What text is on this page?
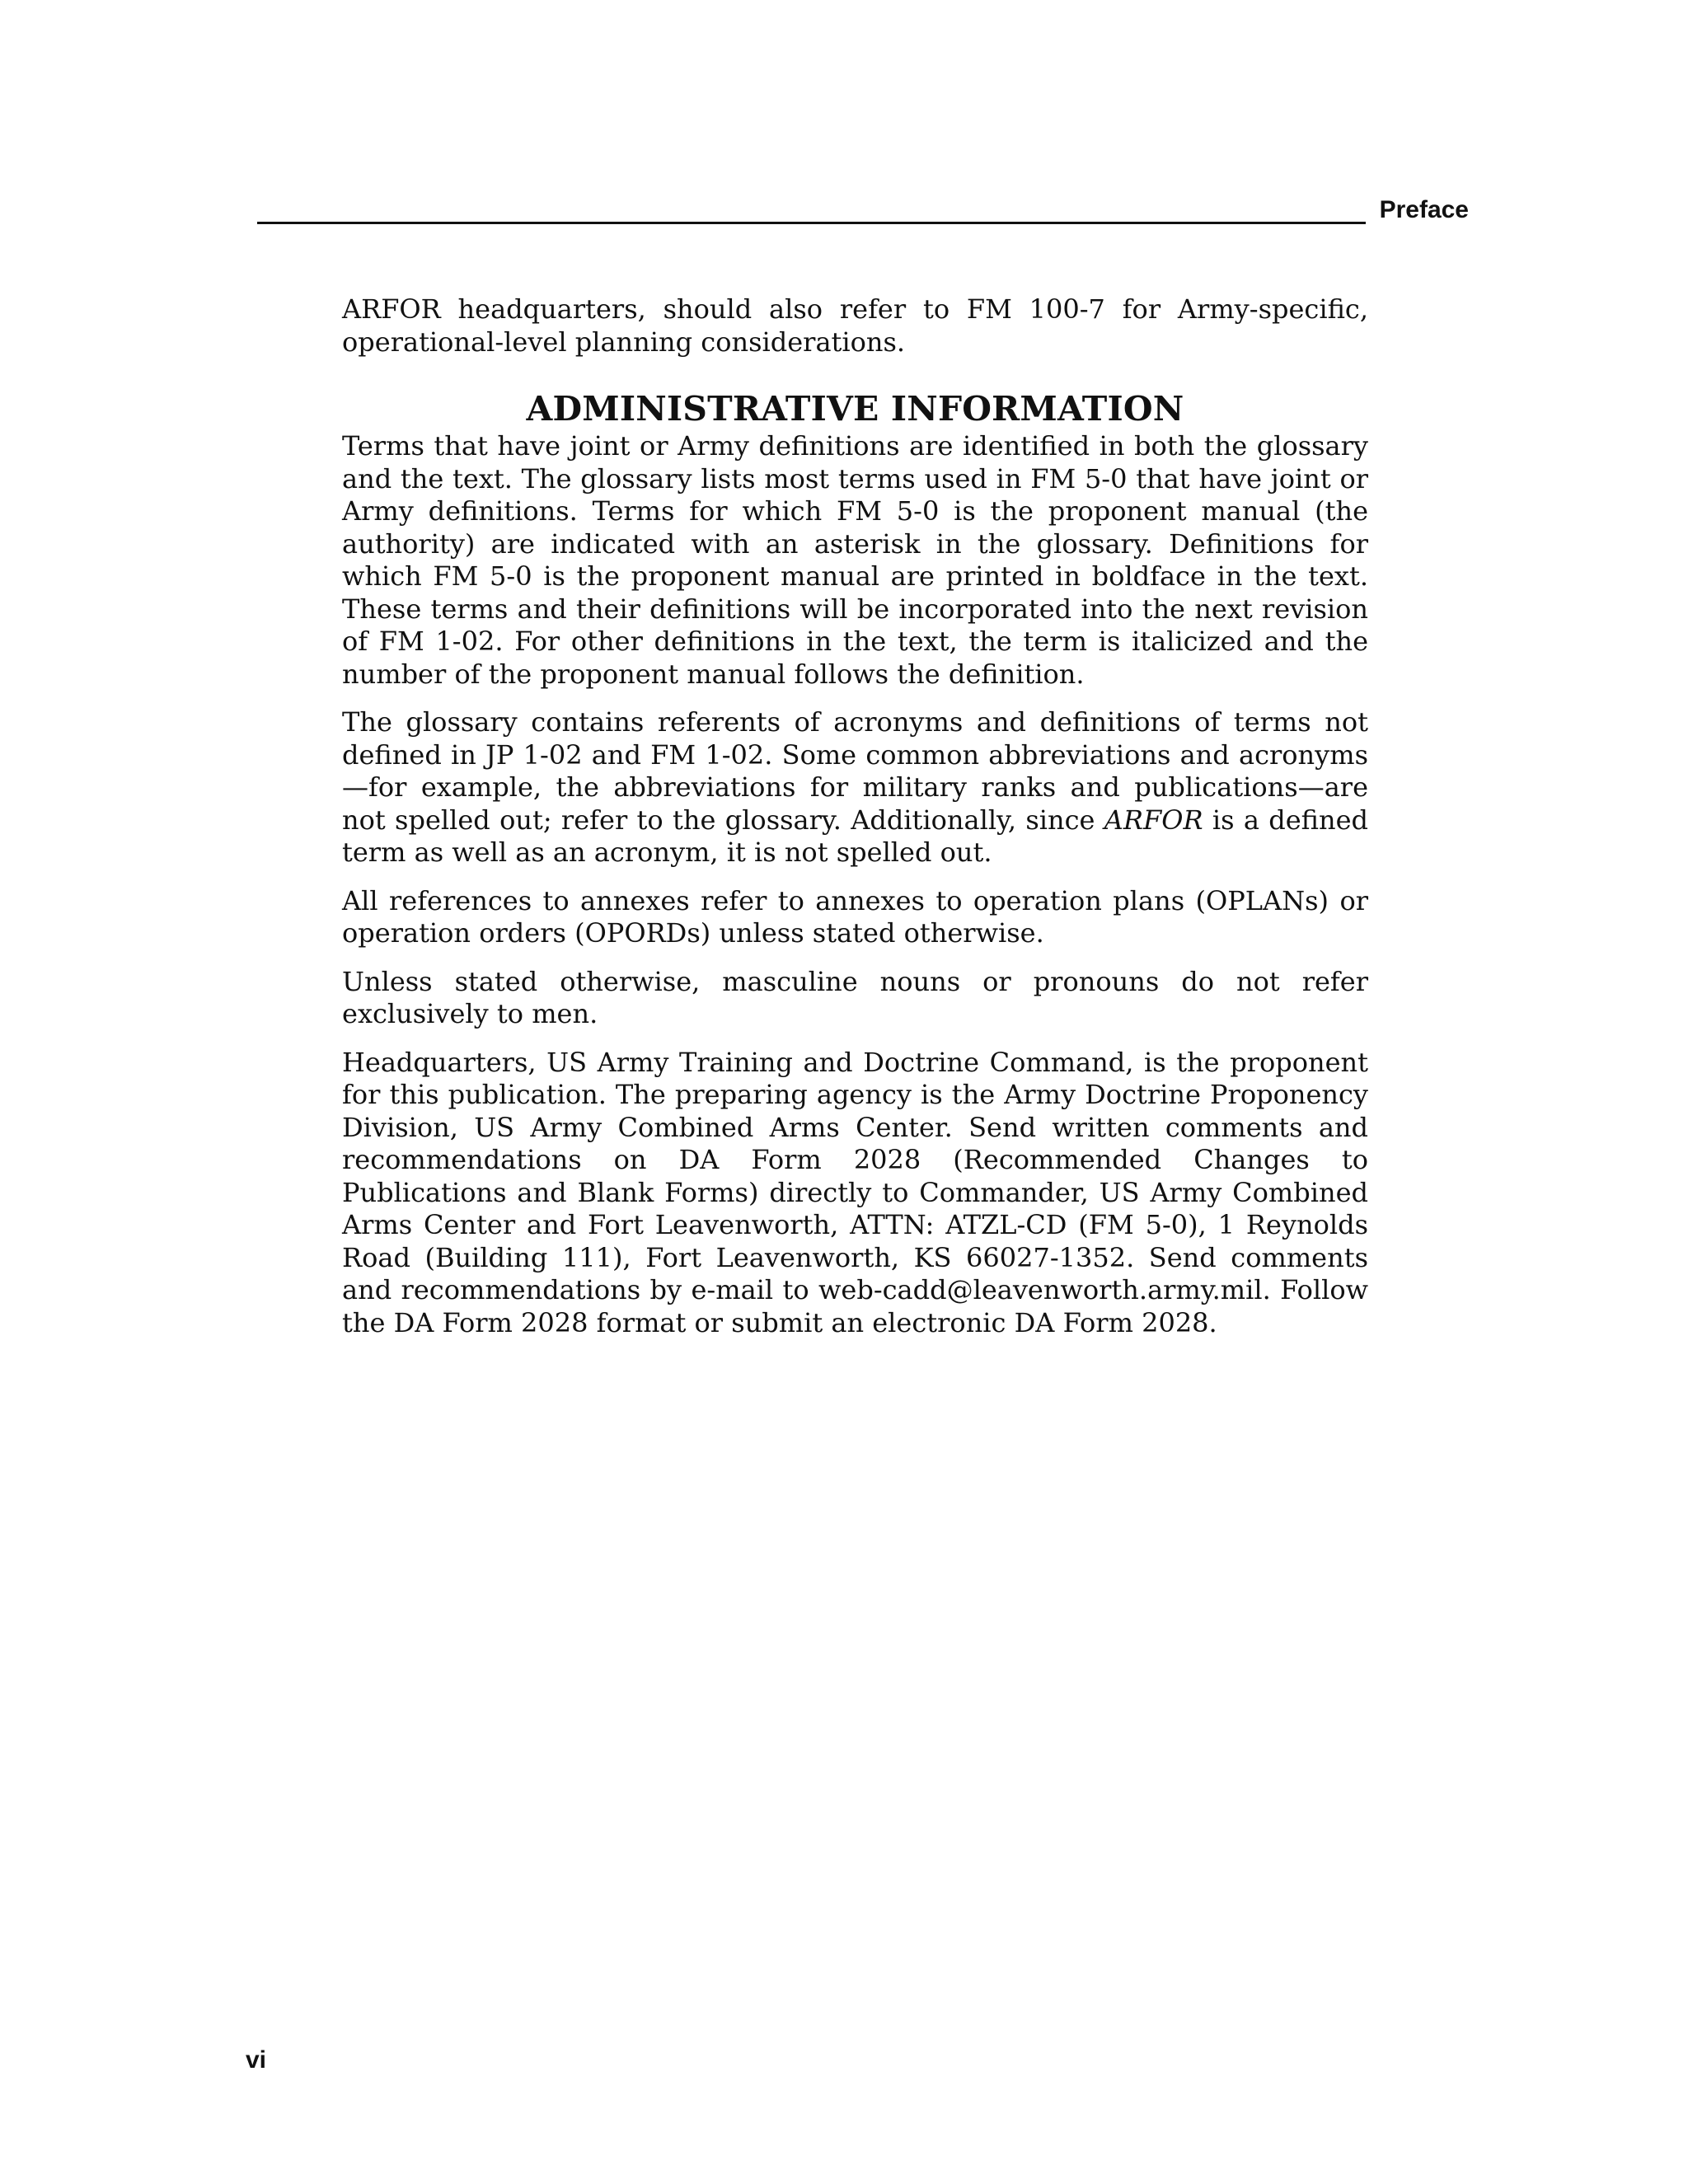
Preface

ARFOR headquarters, should also refer to FM 100-7 for Army-specific, operational-level planning considerations.

ADMINISTRATIVE INFORMATION

Terms that have joint or Army definitions are identified in both the glossary and the text. The glossary lists most terms used in FM 5-0 that have joint or Army definitions. Terms for which FM 5-0 is the proponent manual (the authority) are indicated with an asterisk in the glossary. Definitions for which FM 5-0 is the proponent manual are printed in boldface in the text. These terms and their definitions will be incorporated into the next revision of FM 1-02. For other definitions in the text, the term is italicized and the number of the proponent manual follows the definition.

The glossary contains referents of acronyms and definitions of terms not defined in JP 1-02 and FM 1-02. Some common abbreviations and acronyms—for example, the abbreviations for military ranks and publications—are not spelled out; refer to the glossary. Additionally, since ARFOR is a defined term as well as an acronym, it is not spelled out.

All references to annexes refer to annexes to operation plans (OPLANs) or operation orders (OPORDs) unless stated otherwise.

Unless stated otherwise, masculine nouns or pronouns do not refer exclusively to men.

Headquarters, US Army Training and Doctrine Command, is the proponent for this publication. The preparing agency is the Army Doctrine Proponency Division, US Army Combined Arms Center. Send written comments and recommendations on DA Form 2028 (Recommended Changes to Publications and Blank Forms) directly to Commander, US Army Combined Arms Center and Fort Leavenworth, ATTN: ATZL-CD (FM 5-0), 1 Reynolds Road (Building 111), Fort Leavenworth, KS 66027-1352. Send comments and recommendations by e-mail to web-cadd@leavenworth.army.mil. Follow the DA Form 2028 format or submit an electronic DA Form 2028.

vi
